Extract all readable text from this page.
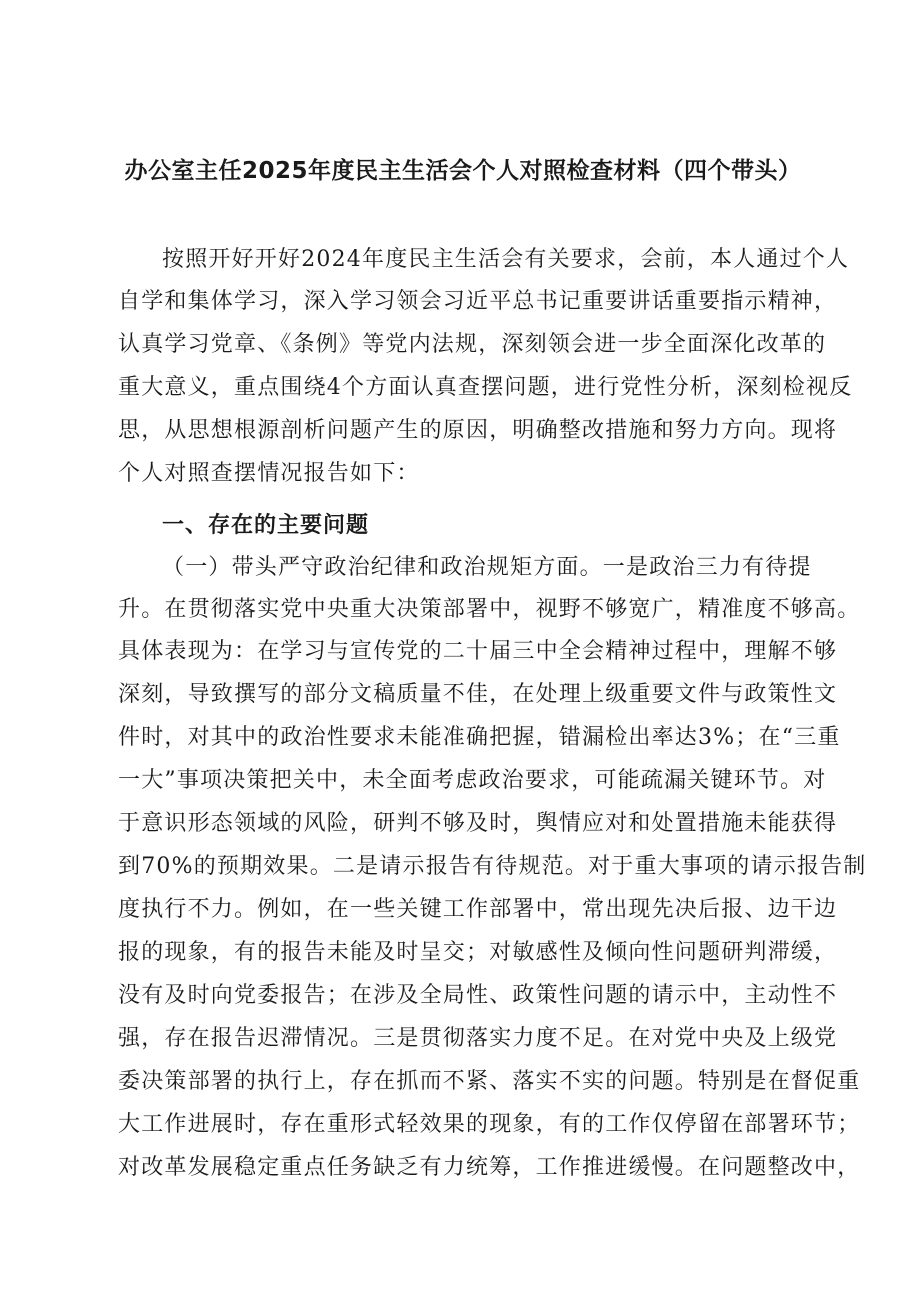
办公室主任2025年度民主生活会个人对照检查材料（四个带头）
按照开好开好2024年度民主生活会有关要求，会前，本人通过个人
自学和集体学习，深入学习领会习近平总书记重要讲话重要指示精神，
认真学习党章、《条例》等党内法规，深刻领会进一步全面深化改革的
重大意义，重点围绕4个方面认真查摆问题，进行党性分析，深刻检视反
思，从思想根源剖析问题产生的原因，明确整改措施和努力方向。现将
个人对照查摆情况报告如下：
一、存在的主要问题
（一）带头严守政治纪律和政治规矩方面。一是政治三力有待提
升。在贯彻落实党中央重大决策部署中，视野不够宽广，精准度不够高。
具体表现为：在学习与宣传党的二十届三中全会精神过程中，理解不够
深刻，导致撰写的部分文稿质量不佳，在处理上级重要文件与政策性文
件时，对其中的政治性要求未能准确把握，错漏检出率达3%；在“三重
一大”事项决策把关中，未全面考虑政治要求，可能疏漏关键环节。对
于意识形态领域的风险，研判不够及时，舆情应对和处置措施未能获得
到70%的预期效果。二是请示报告有待规范。对于重大事项的请示报告制
度执行不力。例如，在一些关键工作部署中，常出现先决后报、边干边
报的现象，有的报告未能及时呈交；对敏感性及倾向性问题研判滞缓，
没有及时向党委报告；在涉及全局性、政策性问题的请示中，主动性不
强，存在报告迟滞情况。三是贯彻落实力度不足。在对党中央及上级党
委决策部署的执行上，存在抓而不紧、落实不实的问题。特别是在督促重
大工作进展时，存在重形式轻效果的现象，有的工作仅停留在部署环节；
对改革发展稳定重点任务缺乏有力统筹，工作推进缓慢。在问题整改中，
